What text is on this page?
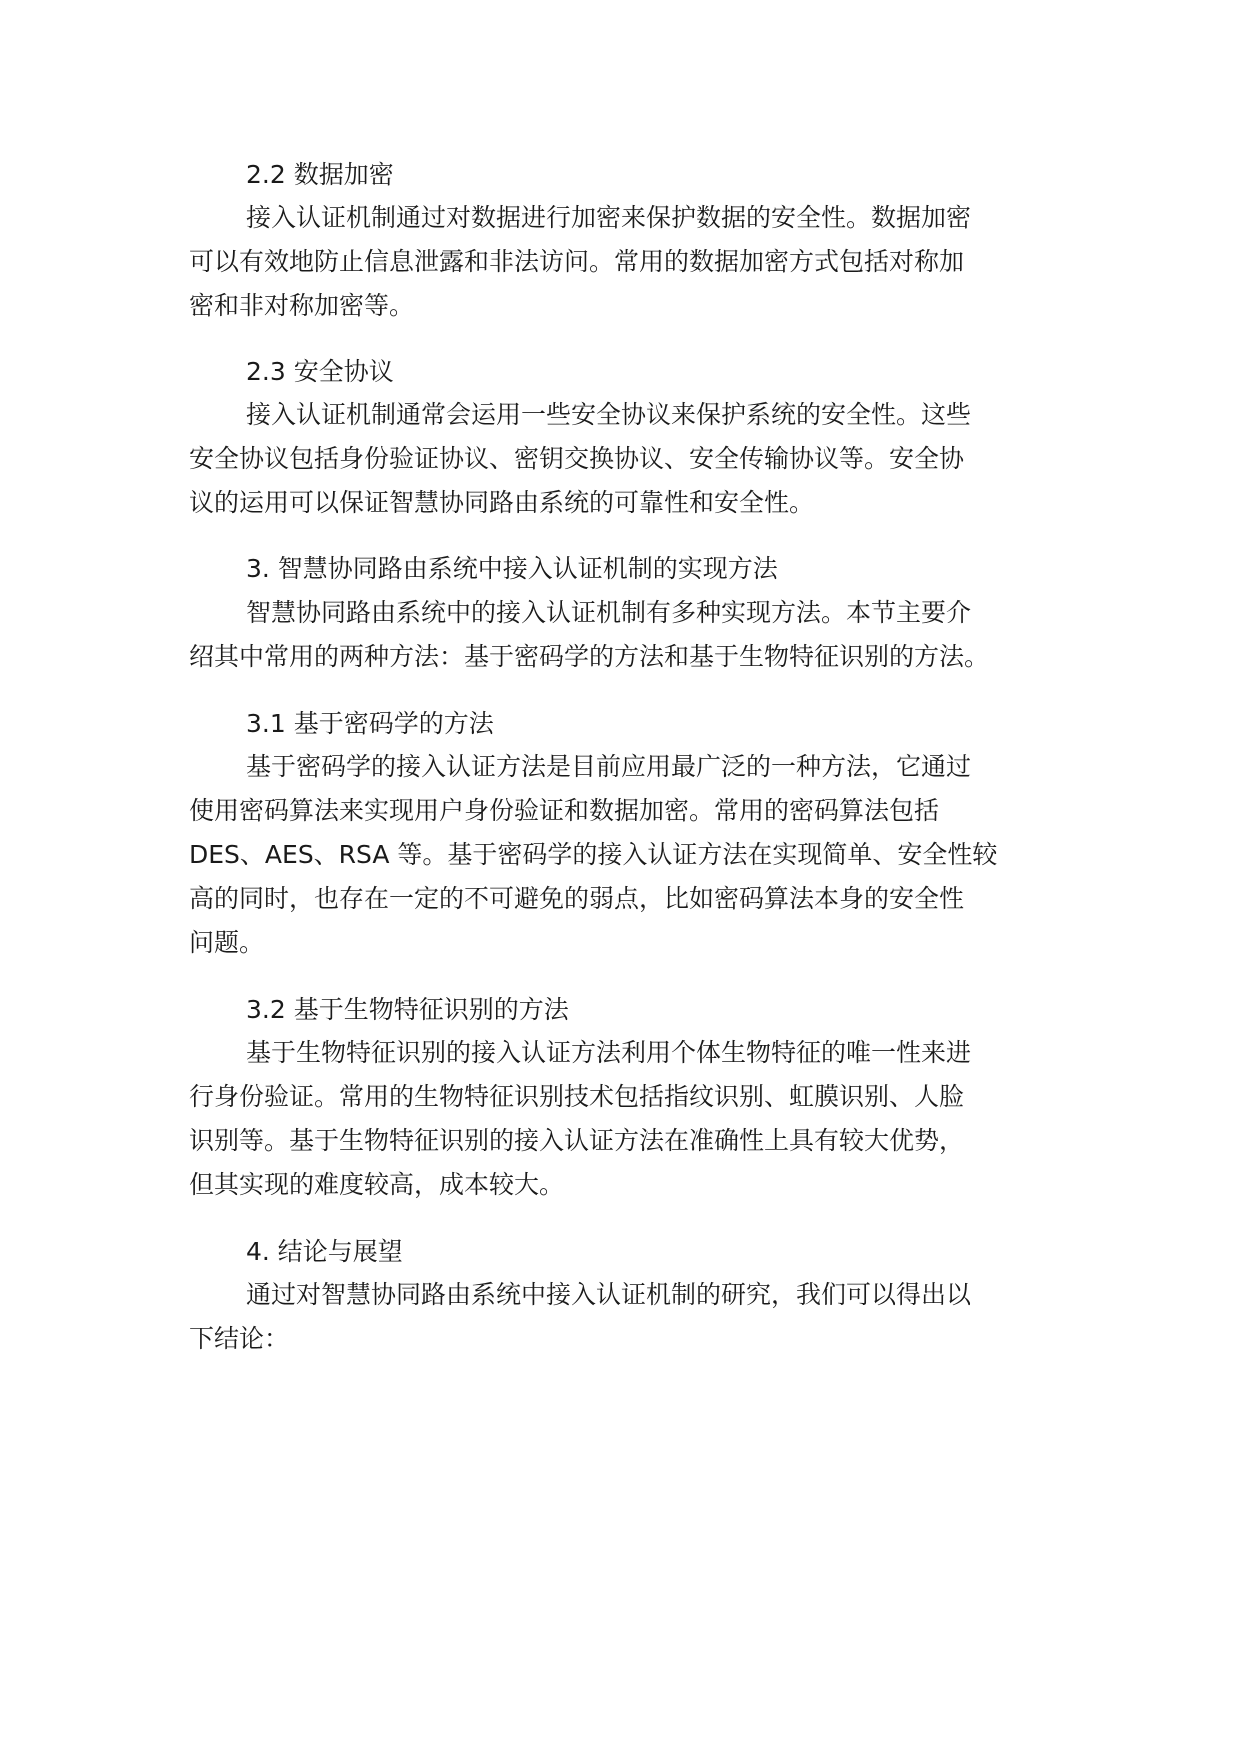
2.2 数据加密
接入认证机制通过对数据进行加密来保护数据的安全性。数据加密
可以有效地防止信息泄露和非法访问。常用的数据加密方式包括对称加
密和非对称加密等。
2.3 安全协议
接入认证机制通常会运用一些安全协议来保护系统的安全性。这些
安全协议包括身份验证协议、密钥交换协议、安全传输协议等。安全协
议的运用可以保证智慧协同路由系统的可靠性和安全性。
3. 智慧协同路由系统中接入认证机制的实现方法
智慧协同路由系统中的接入认证机制有多种实现方法。本节主要介
绍其中常用的两种方法：基于密码学的方法和基于生物特征识别的方法。
3.1 基于密码学的方法
基于密码学的接入认证方法是目前应用最广泛的一种方法，它通过
使用密码算法来实现用户身份验证和数据加密。常用的密码算法包括
DES、AES、RSA 等。基于密码学的接入认证方法在实现简单、安全性较
高的同时，也存在一定的不可避免的弱点，比如密码算法本身的安全性
问题。
3.2 基于生物特征识别的方法
基于生物特征识别的接入认证方法利用个体生物特征的唯一性来进
行身份验证。常用的生物特征识别技术包括指纹识别、虹膜识别、人脸
识别等。基于生物特征识别的接入认证方法在准确性上具有较大优势，
但其实现的难度较高，成本较大。
4. 结论与展望
通过对智慧协同路由系统中接入认证机制的研究，我们可以得出以
下结论：
